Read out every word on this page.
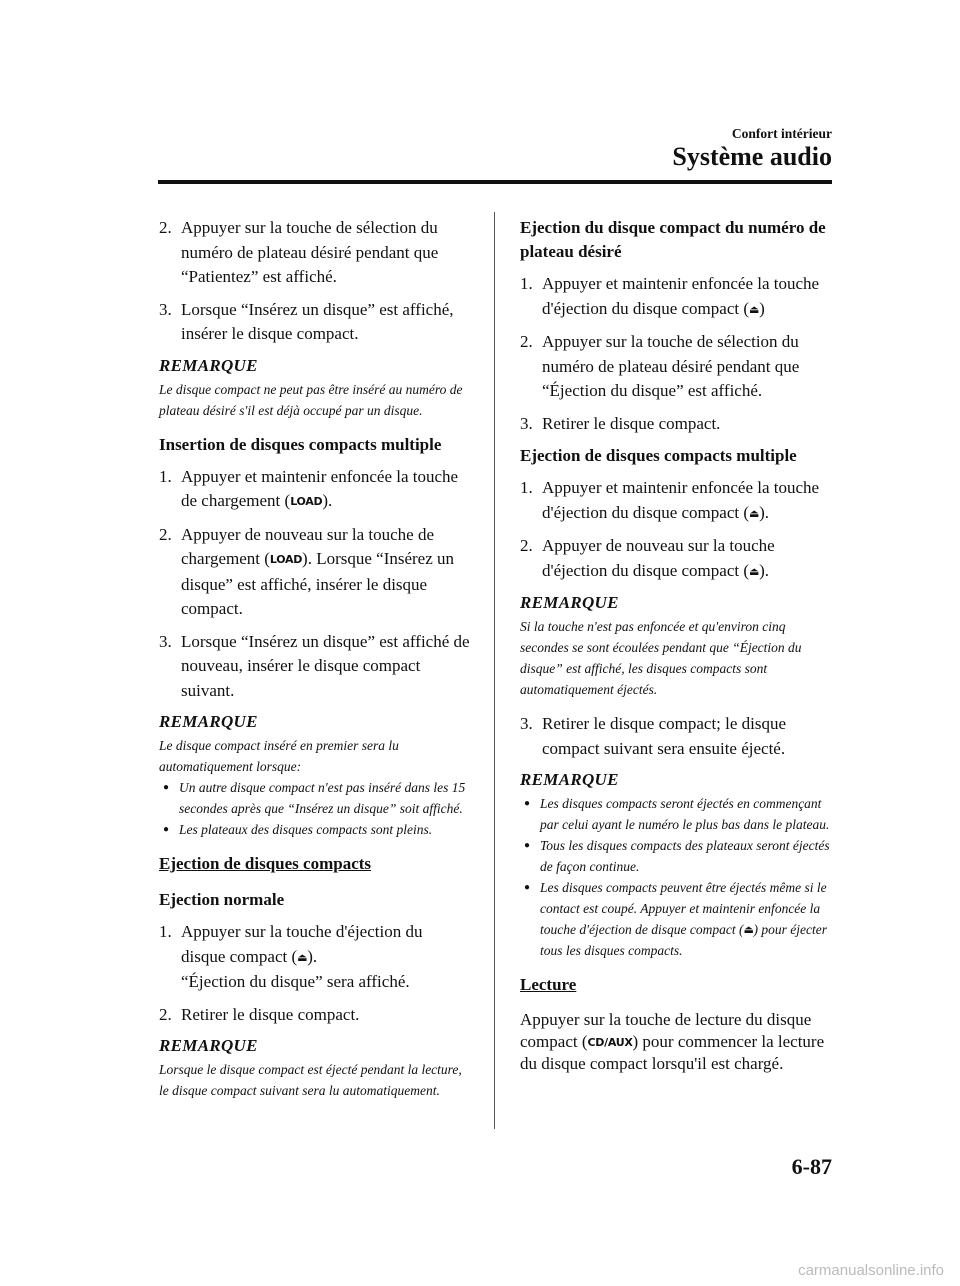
Confort intérieur
Système audio
2. Appuyer sur la touche de sélection du numéro de plateau désiré pendant que “Patientez” est affiché.
3. Lorsque “Insérez un disque” est affiché, insérer le disque compact.
REMARQUE
Le disque compact ne peut pas être inséré au numéro de plateau désiré s'il est déjà occupé par un disque.
Insertion de disques compacts multiple
1. Appuyer et maintenir enfoncée la touche de chargement (LOAD).
2. Appuyer de nouveau sur la touche de chargement (LOAD). Lorsque “Insérez un disque” est affiché, insérer le disque compact.
3. Lorsque “Insérez un disque” est affiché de nouveau, insérer le disque compact suivant.
REMARQUE
Le disque compact inséré en premier sera lu automatiquement lorsque:
● Un autre disque compact n'est pas inséré dans les 15 secondes après que “Insérez un disque” soit affiché.
● Les plateaux des disques compacts sont pleins.
Ejection de disques compacts
Ejection normale
1. Appuyer sur la touche d'éjection du disque compact (⏏).
“Éjection du disque” sera affiché.
2. Retirer le disque compact.
REMARQUE
Lorsque le disque compact est éjecté pendant la lecture, le disque compact suivant sera lu automatiquement.
Ejection du disque compact du numéro de plateau désiré
1. Appuyer et maintenir enfoncée la touche d'éjection du disque compact (⏏)
2. Appuyer sur la touche de sélection du numéro de plateau désiré pendant que “Éjection du disque” est affiché.
3. Retirer le disque compact.
Ejection de disques compacts multiple
1. Appuyer et maintenir enfoncée la touche d'éjection du disque compact (⏏).
2. Appuyer de nouveau sur la touche d'éjection du disque compact (⏏).
REMARQUE
Si la touche n'est pas enfoncée et qu'environ cinq secondes se sont écoulées pendant que “Éjection du disque” est affiché, les disques compacts sont automatiquement éjectés.
3. Retirer le disque compact; le disque compact suivant sera ensuite éjecté.
REMARQUE
● Les disques compacts seront éjectés en commençant par celui ayant le numéro le plus bas dans le plateau.
● Tous les disques compacts des plateaux seront éjectés de façon continue.
● Les disques compacts peuvent être éjectés même si le contact est coupé. Appuyer et maintenir enfoncée la touche d'éjection de disque compact (⏏) pour éjecter tous les disques compacts.
Lecture
Appuyer sur la touche de lecture du disque compact (CD/AUX) pour commencer la lecture du disque compact lorsqu'il est chargé.
6-87
carmanualsonline.info
